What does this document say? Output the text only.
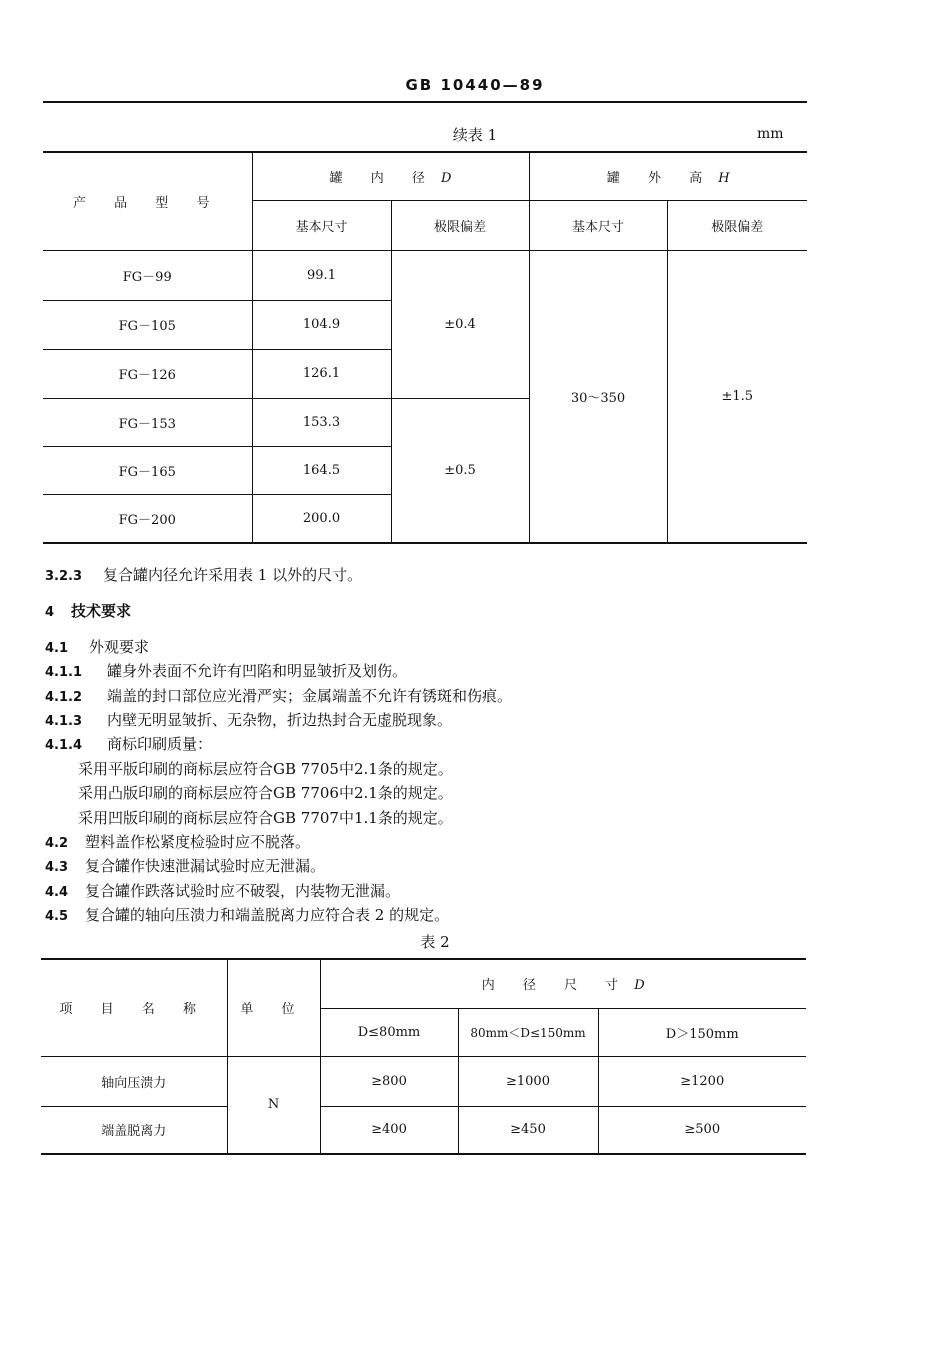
GB 10440—89
续表 1	mm
产 品 型 号	罐 内 径 D		罐 外 高 H	
	基本尺寸	极限偏差	基本尺寸	极限偏差
FG－99	99.1	±0.4	30～350	±1.5
FG－105	104.9			
FG－126	126.1			
FG－153	153.3	±0.5		
FG－165	164.5			
FG－200	200.0			
3.2.3 复合罐内径允许采用表 1 以外的尺寸。
4 技术要求
4.1 外观要求
4.1.1 罐身外表面不允许有凹陷和明显皱折及划伤。
4.1.2 端盖的封口部位应光滑严实；金属端盖不允许有锈斑和伤痕。
4.1.3 内壁无明显皱折、无杂物，折边热封合无虚脱现象。
4.1.4 商标印刷质量：
采用平版印刷的商标层应符合GB 7705中2.1条的规定。
采用凸版印刷的商标层应符合GB 7706中2.1条的规定。
采用凹版印刷的商标层应符合GB 7707中1.1条的规定。
4.2 塑料盖作松紧度检验时应不脱落。
4.3 复合罐作快速泄漏试验时应无泄漏。
4.4 复合罐作跌落试验时应不破裂，内装物无泄漏。
4.5 复合罐的轴向压溃力和端盖脱离力应符合表 2 的规定。
表 2
项 目 名 称	单 位	内 径 尺 寸 D		
		D≤80mm	80mm＜D≤150mm	D＞150mm
轴向压溃力	N	≥800	≥1000	≥1200
端盖脱离力		≥400	≥450	≥500
